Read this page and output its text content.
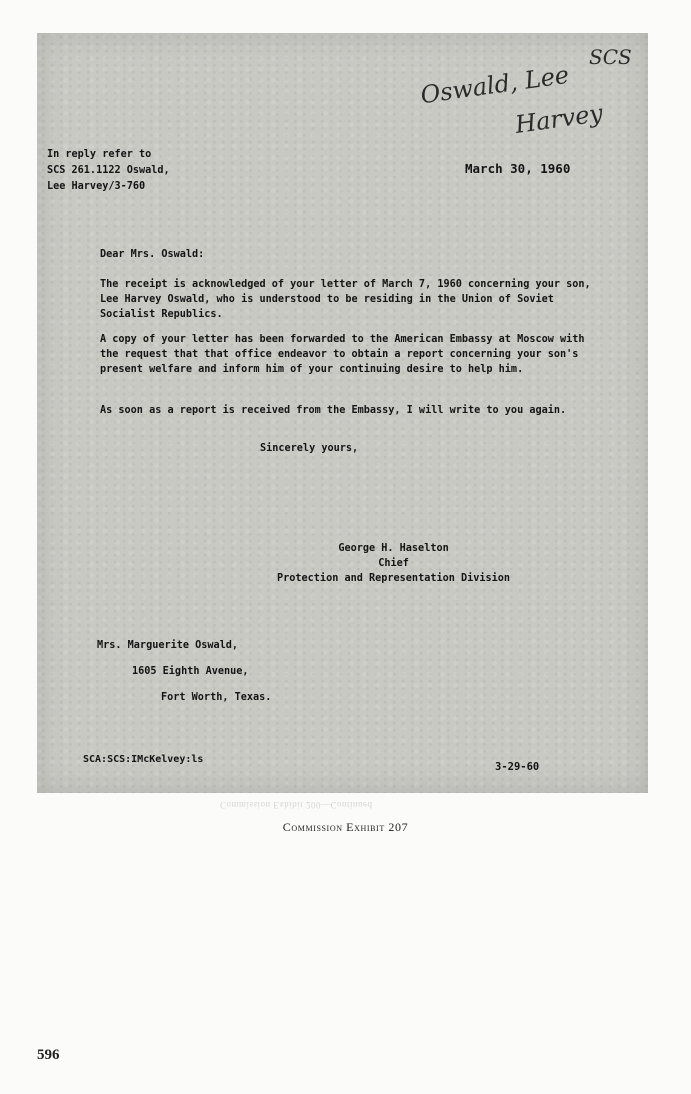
SCS
Oswald, Lee
Harvey
In reply refer to
SCS 261.1122 Oswald,
Lee Harvey/3-760
March 30, 1960
Dear Mrs. Oswald:
The receipt is acknowledged of your letter of March 7, 1960 concerning your son, Lee Harvey Oswald, who is understood to be residing in the Union of Soviet Socialist Republics.
A copy of your letter has been forwarded to the American Embassy at Moscow with the request that that office endeavor to obtain a report concerning your son's present welfare and inform him of your continuing desire to help him.
As soon as a report is received from the Embassy, I will write to you again.
Sincerely yours,
George H. Haselton
Chief
Protection and Representation Division
Mrs. Marguerite Oswald,
1605 Eighth Avenue,
Fort Worth, Texas.
SCA:SCS:IMcKelvey:ls
3-29-60
Commission Exhibit 200—Continued
Commission Exhibit 207
596
